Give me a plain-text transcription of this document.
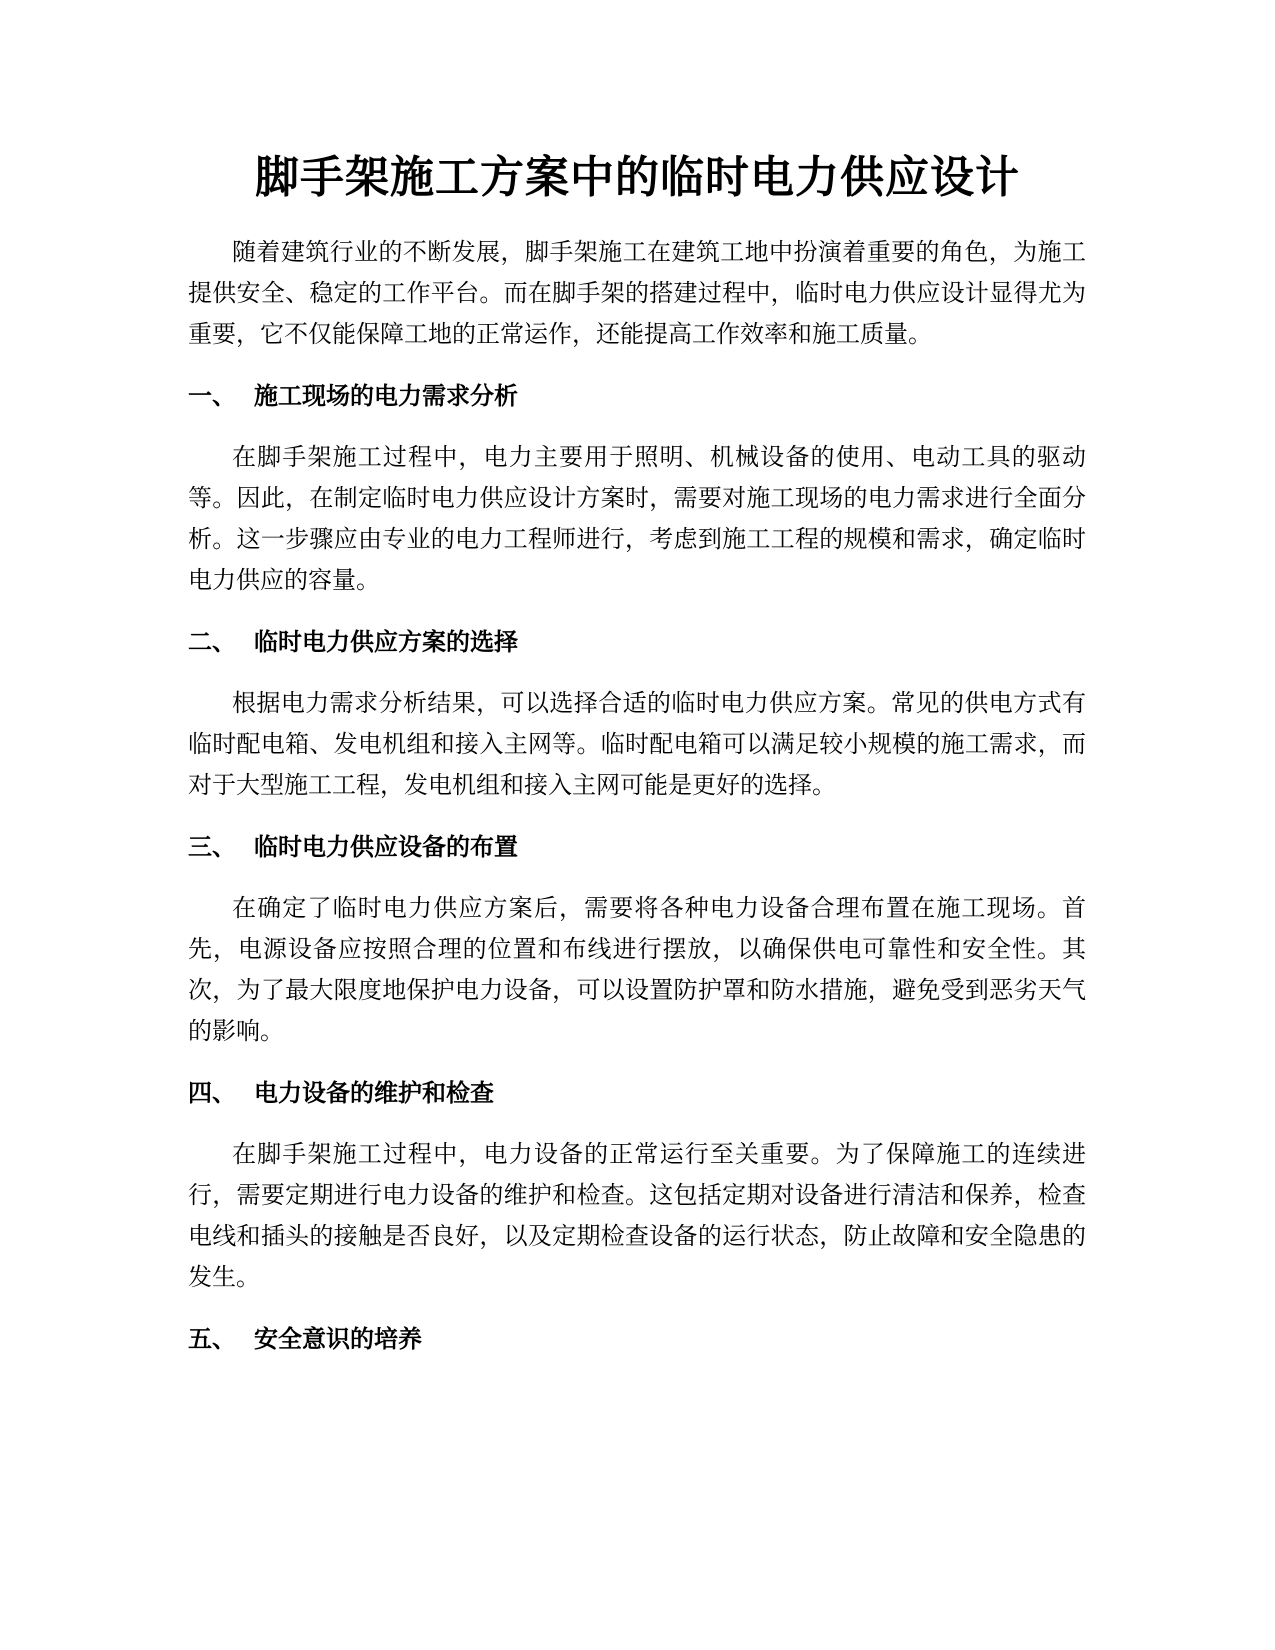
脚手架施工方案中的临时电力供应设计

随着建筑行业的不断发展，脚手架施工在建筑工地中扮演着重要的角色，为施工提供安全、稳定的工作平台。而在脚手架的搭建过程中，临时电力供应设计显得尤为重要，它不仅能保障工地的正常运作，还能提高工作效率和施工质量。

一、 施工现场的电力需求分析

在脚手架施工过程中，电力主要用于照明、机械设备的使用、电动工具的驱动等。因此，在制定临时电力供应设计方案时，需要对施工现场的电力需求进行全面分析。这一步骤应由专业的电力工程师进行，考虑到施工工程的规模和需求，确定临时电力供应的容量。

二、 临时电力供应方案的选择

根据电力需求分析结果，可以选择合适的临时电力供应方案。常见的供电方式有临时配电箱、发电机组和接入主网等。临时配电箱可以满足较小规模的施工需求，而对于大型施工工程，发电机组和接入主网可能是更好的选择。

三、 临时电力供应设备的布置

在确定了临时电力供应方案后，需要将各种电力设备合理布置在施工现场。首先，电源设备应按照合理的位置和布线进行摆放，以确保供电可靠性和安全性。其次，为了最大限度地保护电力设备，可以设置防护罩和防水措施，避免受到恶劣天气的影响。

四、 电力设备的维护和检查

在脚手架施工过程中，电力设备的正常运行至关重要。为了保障施工的连续进行，需要定期进行电力设备的维护和检查。这包括定期对设备进行清洁和保养，检查电线和插头的接触是否良好，以及定期检查设备的运行状态，防止故障和安全隐患的发生。

五、 安全意识的培养
